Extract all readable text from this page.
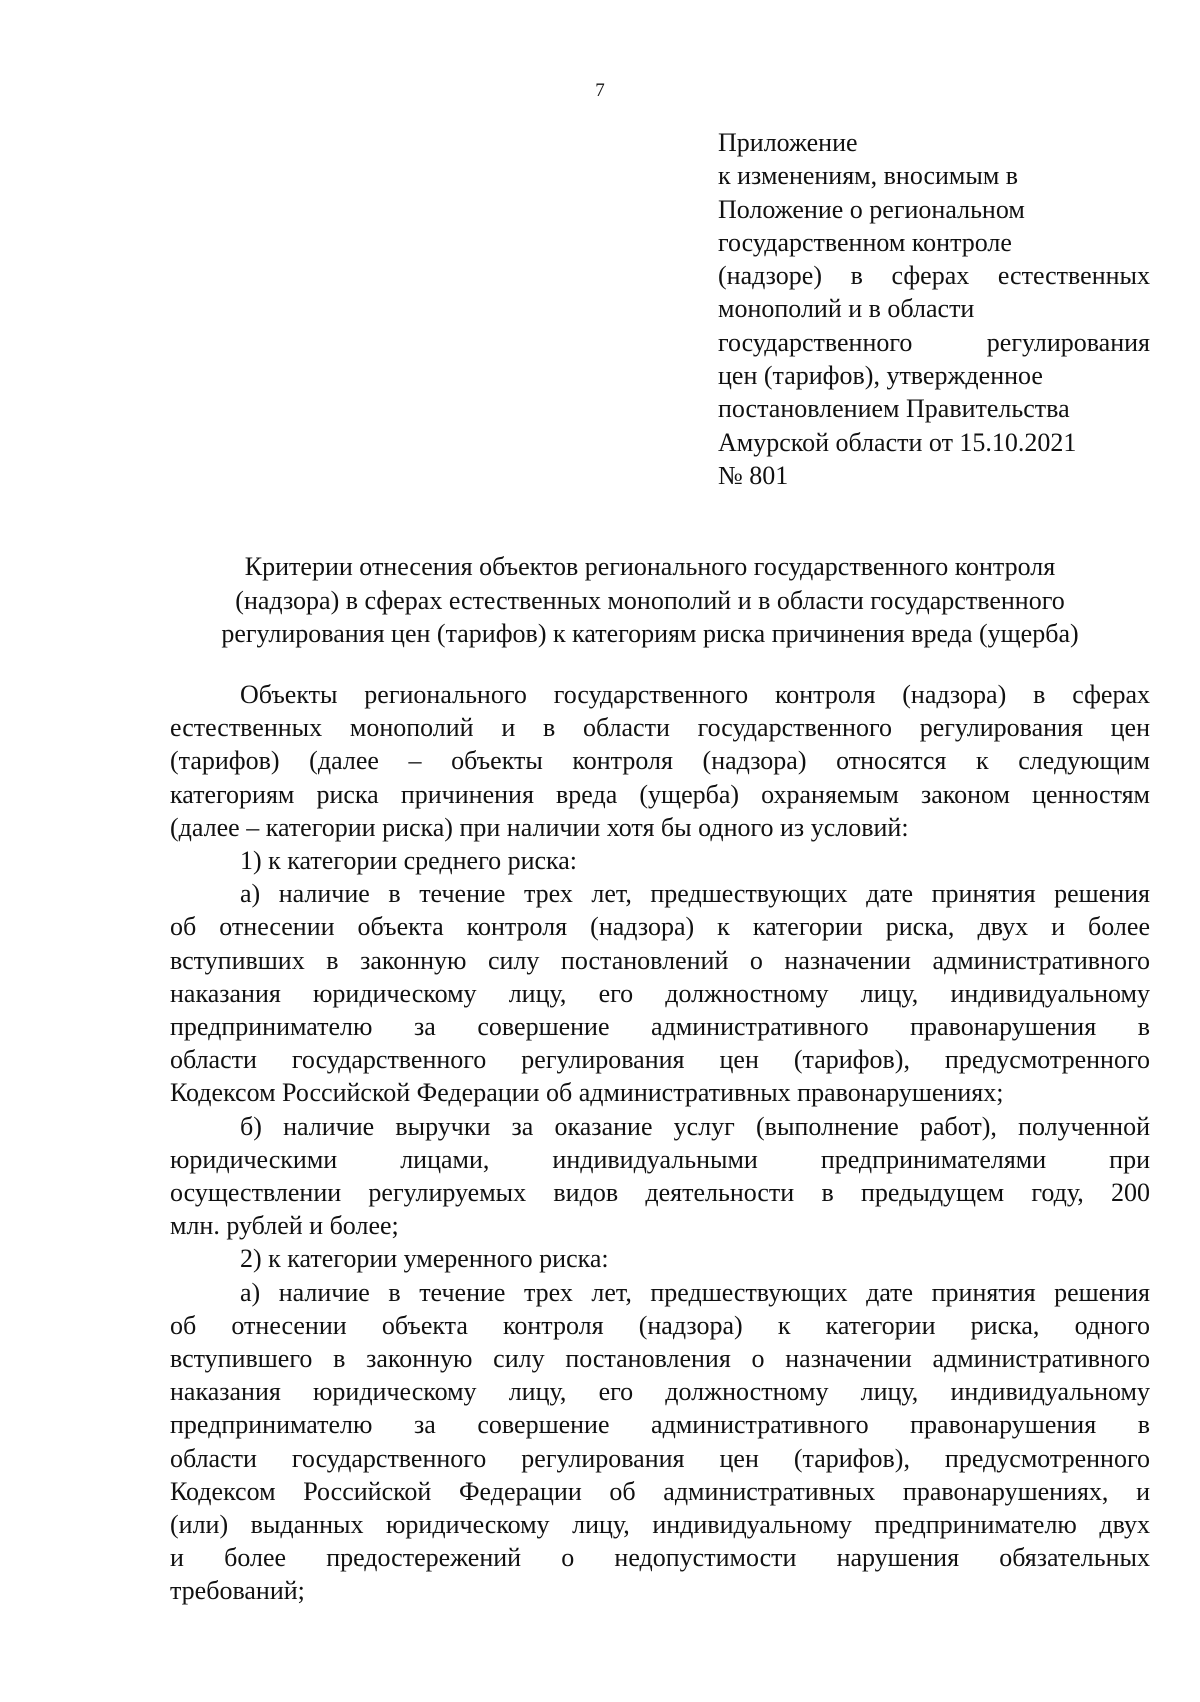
7
Приложение
к изменениям, вносимым в
Положение о региональном
государственном контроле
(надзоре) в сферах естественных
монополий и в области
государственного регулирования
цен (тарифов), утвержденное
постановлением Правительства
Амурской области от 15.10.2021
№ 801
Критерии отнесения объектов регионального государственного контроля
(надзора) в сферах естественных монополий и в области государственного
регулирования цен (тарифов) к категориям риска причинения вреда (ущерба)
Объекты регионального государственного контроля (надзора) в сферах
естественных монополий и в области государственного регулирования цен
(тарифов) (далее – объекты контроля (надзора) относятся к следующим
категориям риска причинения вреда (ущерба) охраняемым законом ценностям
(далее – категории риска) при наличии хотя бы одного из условий:
1) к категории среднего риска:
а) наличие в течение трех лет, предшествующих дате принятия решения
об отнесении объекта контроля (надзора) к категории риска, двух и более
вступивших в законную силу постановлений о назначении административного
наказания юридическому лицу, его должностному лицу, индивидуальному
предпринимателю за совершение административного правонарушения в
области государственного регулирования цен (тарифов), предусмотренного
Кодексом Российской Федерации об административных правонарушениях;
б) наличие выручки за оказание услуг (выполнение работ), полученной
юридическими лицами, индивидуальными предпринимателями при
осуществлении регулируемых видов деятельности в предыдущем году, 200
млн. рублей и более;
2) к категории умеренного риска:
а) наличие в течение трех лет, предшествующих дате принятия решения
об отнесении объекта контроля (надзора) к категории риска, одного
вступившего в законную силу постановления о назначении административного
наказания юридическому лицу, его должностному лицу, индивидуальному
предпринимателю за совершение административного правонарушения в
области государственного регулирования цен (тарифов), предусмотренного
Кодексом Российской Федерации об административных правонарушениях, и
(или) выданных юридическому лицу, индивидуальному предпринимателю двух
и более предостережений о недопустимости нарушения обязательных
требований;
